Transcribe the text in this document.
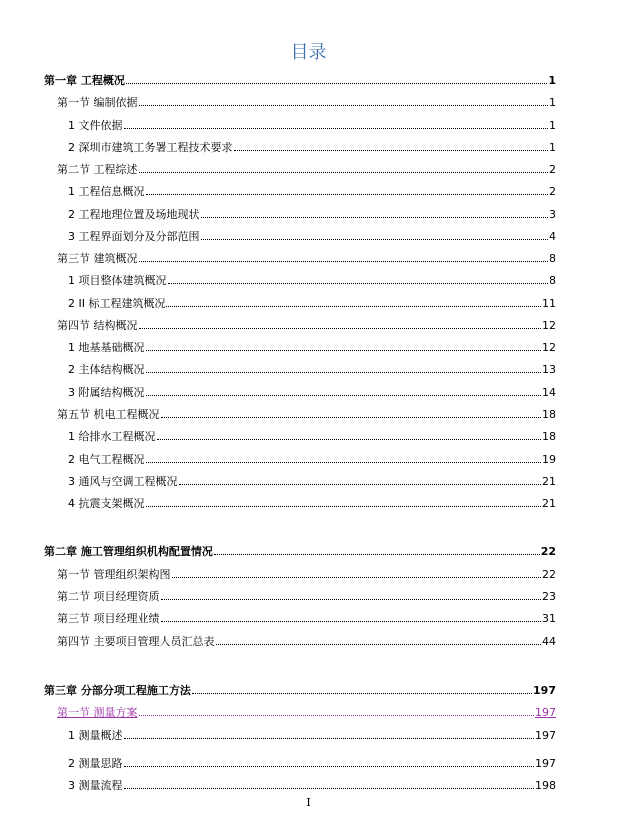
目录
第一章 工程概况	1
第一节 编制依据	1
1 文件依据	1
2 深圳市建筑工务署工程技术要求	1
第二节 工程综述	2
1 工程信息概况	2
2 工程地理位置及场地现状	3
3 工程界面划分及分部范围	4
第三节 建筑概况	8
1 项目整体建筑概况	8
2 II 标工程建筑概况	11
第四节 结构概况	12
1 地基基础概况	12
2 主体结构概况	13
3 附属结构概况	14
第五节 机电工程概况	18
1 给排水工程概况	18
2 电气工程概况	19
3 通风与空调工程概况	21
4 抗震支架概况	21
第二章 施工管理组织机构配置情况	22
第一节 管理组织架构图	22
第二节 项目经理资质	23
第三节 项目经理业绩	31
第四节 主要项目管理人员汇总表	44
第三章 分部分项工程施工方法	197
第一节 测量方案	197
1 测量概述	197
2 测量思路	197
3 测量流程	198
I
